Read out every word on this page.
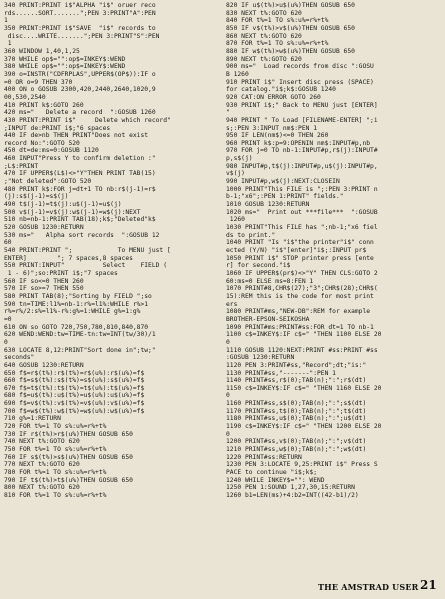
340 PRINT:PRINT i$"ALPHA "i$" oruer reco
rds......SORT.......";PEN 3:PRINT"A":PEN
1
350 PRINT:PRINT i$"SAVE  "i$" records to
disc....WRITE.......";PEN 3:PRINT"S":PEN
1
360 WINDOW 1,40,1,25
370 WHILE op$="":op$=INKEY$:WEND
380 WHILE op$="":op$=INKEY$:WEND
390 o=INSTR("CDFRPLAS",UPPER$(OP$)):IF o
=0 OR o=9 THEN 370
400 ON o GOSUB 2300,420,2440,2640,1020,9
00,530,2540
410 PRINT k$:GOTO 260
420 ms="   Delete a record  ":GOSUB 1260
430 PRINT:PRINT i$"     Delete which record"
;INPUT de:PRINT i$;"6 spaces
440 IF de>nb THEN PRINT"Does not exist
record No:":GOTO 520
450 dt=de:ms=0:GOSUB 1120
460 INPUT"Press Y to confirm deletion :"
;L$:PRINT
470 IF UPPER$(L$)<>"Y"THEN PRINT TAB(15)
;"Not deleted":GOTO 520
480 PRINT k$:FOR j=dt+1 TO nb:r$(j-1)=r$
(j):s$(j-1)=s$(j)
490 t$(j-1)=t$(j):u$(j-1)=u$(j)
500 v$(j-1)=v$(j):w$(j-1)=w$(j):NEXT
510 nb=nb-1:PRINT TAB(18);k$;"Deleted"k$
520 GOSUB 1230:RETURN
530 ms="   Alpha sort records  ":GOSUB 12
60
540 PRINT:PRINT ";            To MENU just [
ENTER]        "; 7 spaces,8 spaces
550 PRINT:INPUT"          Select    FIELD (
1 - 6)";so:PRINT i$;"7 spaces
560 IF so<=0 THEN 260
570 IF so>=7 THEN 550
580 PRINT TAB(8);"Sorting by FIELD ";so
590 tn=TIME:l1%=nb-1:r%=l1%:WHILE r%>1
r%=r%/2:s%=l1%-r%:g%=1:WHILE g%=1:g%
=0
610 ON so GOTO 720,750,780,810,840,870
620 WEND:WEND:tw=TIME-tn:tw=INT(tw/30)/1
0
630 LOCATE 8,12:PRINT"Sort done in";tw;"
seconds"
640 GOSUB 1230:RETURN
650 f$=r$(t%):r$(t%)=r$(u%):r$(u%)=f$
660 f$=s$(t%):s$(t%)=s$(u%):s$(u%)=f$
670 f$=t$(t%):t$(t%)=t$(u%):t$(u%)=f$
680 f$=u$(t%):u$(t%)=u$(u%):u$(u%)=f$
690 f$=v$(t%):v$(t%)=v$(u%):v$(u%)=f$
700 f$=w$(t%):w$(t%)=w$(u%):w$(u%)=f$
710 g%=1:RETURN
720 FOR t%=1 TO s%:u%=r%+t%
730 IF r$(t%)>r$(u%)THEN GOSUB 650
740 NEXT t%:GOTO 620
750 FOR t%=1 TO s%:u%=r%+t%
760 IF s$(t%)>s$(u%)THEN GOSUB 650
770 NEXT t%:GOTO 620
780 FOR t%=1 TO s%:u%=r%+t%
790 IF t$(t%)>t$(u%)THEN GOSUB 650
800 NEXT t%:GOTO 620
810 FOR t%=1 TO s%:u%=r%+t%
820 IF u$(t%)>u$(u%)THEN GOSUB 650
830 NEXT t%:GOTO 620
840 FOR t%=1 TO s%:u%=r%+t%
850 IF v$(t%)>v$(u%)THEN GOSUB 650
860 NEXT t%:GOTO 620
870 FOR t%=1 TO s%:u%=r%+t%
880 IF w$(t%)>w$(u%)THEN GOSUB 650
890 NEXT t%:GOTO 620
900 ms="  Load records from disc ":GOSU
B 1260
910 PRINT i$" Insert disc press (SPACE)
for catalog."i$;k$:GOSUB 1240
920 CAT:ON ERROR GOTO 260
930 PRINT i$;" Back to MENU just [ENTER]
"
940 PRINT " To Load [FILENAME-ENTER] ";i
s;:PEN 3:INPUT nm$:PEN 1
950 IF LEN(nm$)<=0 THEN 260
960 PRINT k$:p=9:OPENIN nm$:INPUT#p,nb
970 FOR j=0 TO nb-1:INPUT#p,r$(j):INPUT#
p,s$(j)
980 INPUT#p,t$(j):INPUT#p,u$(j):INPUT#p,
v$(j)
990 INPUT#p,w$(j):NEXT:CLOSEIN
1000 PRINT"This FILE is ";:PEN 3:PRINT n
b-1;"x6";:PEN 1:PRINT" fields."
1010 GOSUB 1230:RETURN
1020 ms="  Print out ***file***  ":GOSUB
1260
1030 PRINT"This FILE has ";nb-1;"x6 fiel
ds to print."
1040 PRINT "Is "i$"the printer"i$" conn
ected (Y/N) "i$"[enter]"i$;:INPUT pr$
1050 PRINT i$" STOP printer press [ente
r] for second."i$
1060 IF UPPER$(pr$)<>"Y" THEN CLS:GOTO 2
60:ms=0 ELSE ms=8:FEN 1
1070 PRINT#8,CHR$(27);"3";CHR$(28);CHR$(
15):REM this is the code for most print
ers
1080 PRINT#ms,"NEW-DB":REM for example
BROTHER-EPSON-SEIKOSHA
1090 PRINT#ms:PRINT#ss:FOR dt=1 TO nb-1
1100 c$=INKEY$:IF c$=" "THEN 1100 ELSE 20
0
1110 GOSUB 1120:NEXT:PRINT #ss:PRINT #ss
:GOSUB 1230:RETURN
1120 PEN 3:PRINT#ss,"Record";dt;"is:"
1130 PRINT#ss,"-------":PEN 1
1140 PRINT#ss,r$(0);TAB(n);":";r$(dt)
1150 c$=INKEY$:IF c$=" "THEN 1160 ELSE 20
0
1160 PRINT#ss,s$(0);TAB(n);":";s$(dt)
1170 PRINT#ss,t$(0);TAB(n);":";t$(dt)
1180 PRINT#ss,u$(0);TAB(n);":";u$(dt)
1190 c$=INKEY$:IF c$=" "THEN 1200 ELSE 20
0
1200 PRINT#ss,v$(0);TAB(n);":";v$(dt)
1210 PRINT#ss,w$(0);TAB(n);":";w$(dt)
1220 PRINT#ss:RETURN
1230 PEN 3:LOCATE 9,25:PRINT i$" Press S
PACE to continue "i$;k$;
1240 WHILE INKEY$="": WEND
1250 PEN 1:SOUND 1,27,30,15:RETURN
1260 b1=LEN(ms)+4:b2=INT((42-b1)/2)
THE AMSTRAD USER 21
